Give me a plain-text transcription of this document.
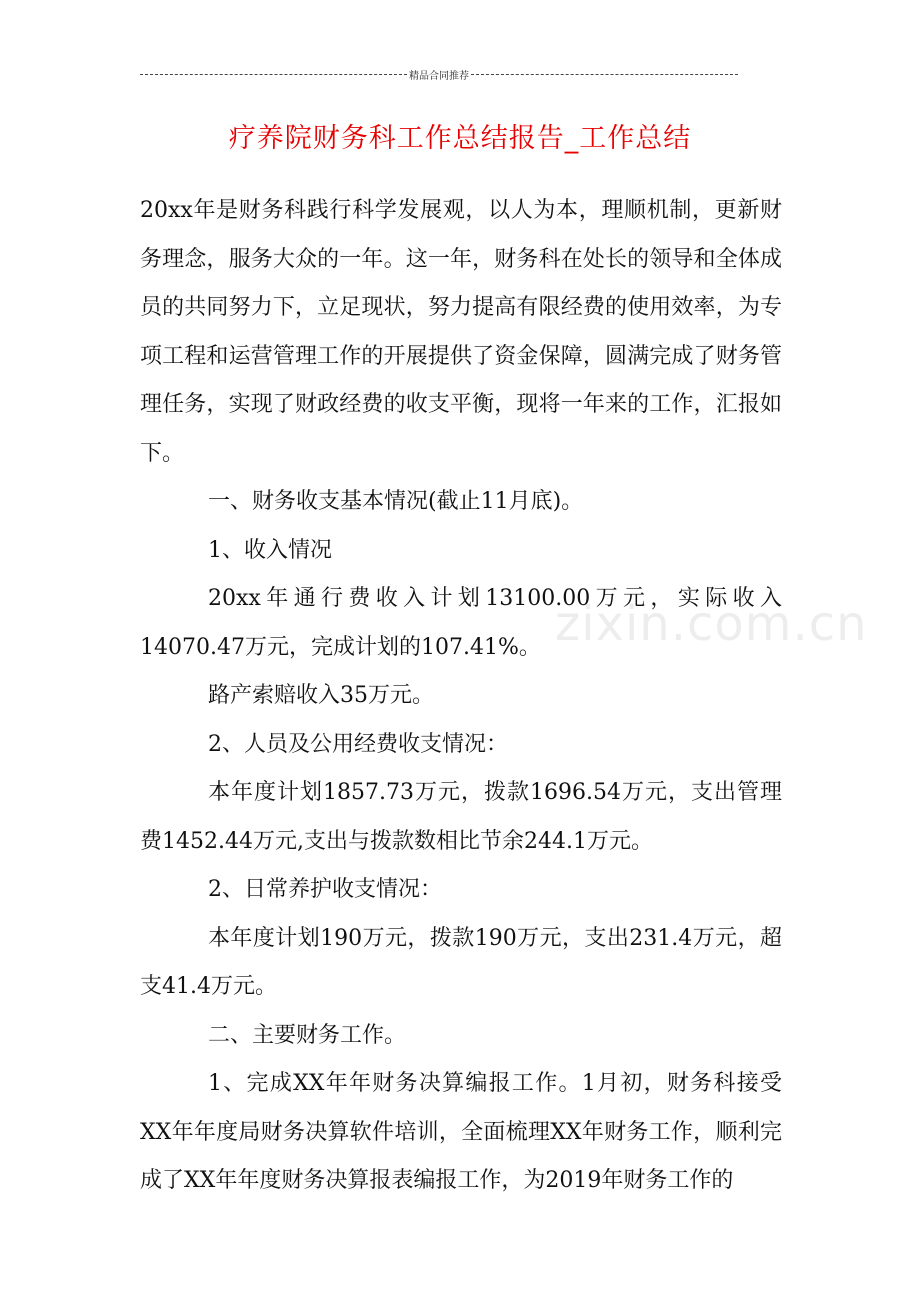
精品合同推荐
疗养院财务科工作总结报告_工作总结
zixin.com.cn

20xx年是财务科践行科学发展观，以人为本，理顺机制，更新财务理念，服务大众的一年。这一年，财务科在处长的领导和全体成员的共同努力下，立足现状，努力提高有限经费的使用效率，为专项工程和运营管理工作的开展提供了资金保障，圆满完成了财务管理任务，实现了财政经费的收支平衡，现将一年来的工作，汇报如下。

一、财务收支基本情况(截止11月底)。

1、收入情况

20xx年通行费收入计划13100.00万元，实际收入14070.47万元，完成计划的107.41%。

路产索赔收入35万元。

2、人员及公用经费收支情况：

本年度计划1857.73万元，拨款1696.54万元，支出管理费1452.44万元,支出与拨款数相比节余244.1万元。

2、日常养护收支情况：

本年度计划190万元，拨款190万元，支出231.4万元，超支41.4万元。

二、主要财务工作。

1、完成XX年年财务决算编报工作。1月初，财务科接受XX年年度局财务决算软件培训，全面梳理XX年财务工作，顺利完成了XX年年度财务决算报表编报工作，为2019年财务工作的
